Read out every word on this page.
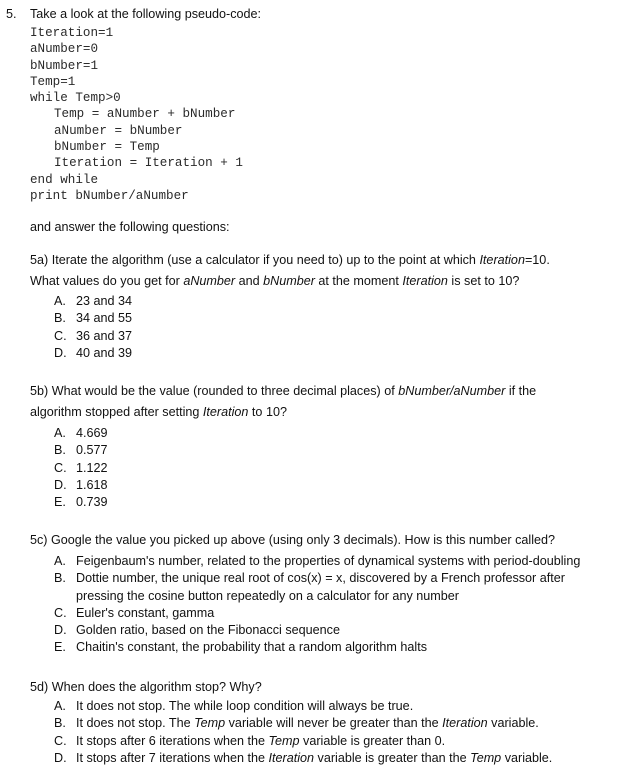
5. Take a look at the following pseudo-code:
Iteration=1
aNumber=0
bNumber=1
Temp=1
while Temp>0
Temp = aNumber + bNumber
aNumber = bNumber
bNumber = Temp
Iteration = Iteration + 1
end while
print bNumber/aNumber
and answer the following questions:
5a) Iterate the algorithm (use a calculator if you need to) up to the point at which Iteration=10.
What values do you get for aNumber and bNumber at the moment Iteration is set to 10?
A. 23 and 34
B. 34 and 55
C. 36 and 37
D. 40 and 39
5b) What would be the value (rounded to three decimal places) of bNumber/aNumber if the
algorithm stopped after setting Iteration to 10?
A. 4.669
B. 0.577
C. 1.122
D. 1.618
E. 0.739
5c) Google the value you picked up above (using only 3 decimals). How is this number called?
A. Feigenbaum's number, related to the properties of dynamical systems with period-doubling
B. Dottie number, the unique real root of cos(x) = x, discovered by a French professor after
pressing the cosine button repeatedly on a calculator for any number
C. Euler's constant, gamma
D. Golden ratio, based on the Fibonacci sequence
E. Chaitin's constant, the probability that a random algorithm halts
5d) When does the algorithm stop? Why?
A. It does not stop. The while loop condition will always be true.
B. It does not stop. The Temp variable will never be greater than the Iteration variable.
C. It stops after 6 iterations when the Temp variable is greater than 0.
D. It stops after 7 iterations when the Iteration variable is greater than the Temp variable.
